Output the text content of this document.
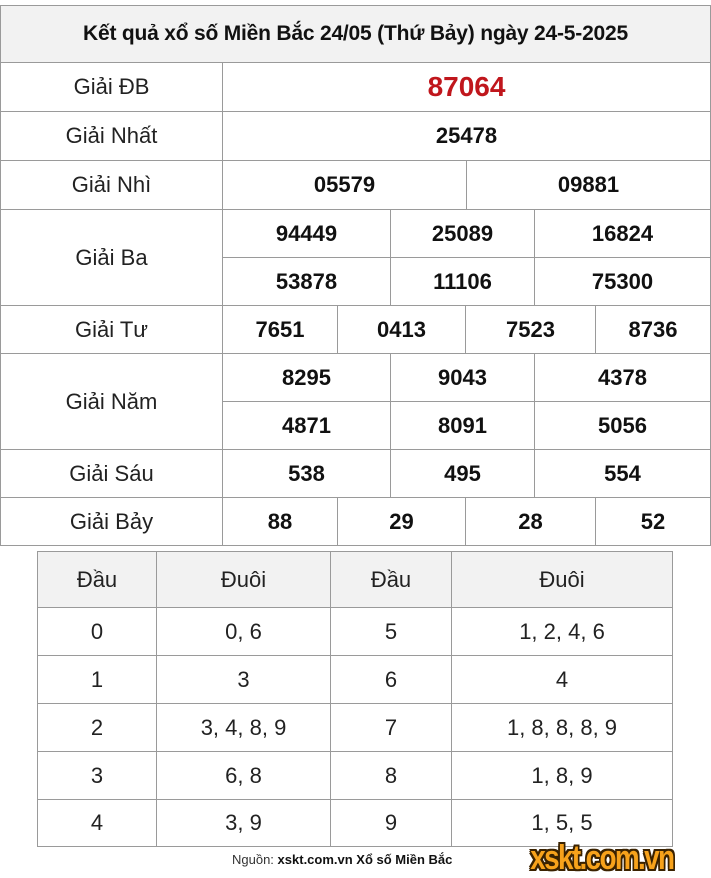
Kết quả xổ số Miền Bắc 24/05 (Thứ Bảy) ngày 24-5-2025
Giải ĐB	87064
Giải Nhất	25478
Giải Nhì	05579	09881
Giải Ba
94449	25089	16824
53878	11106	75300
Giải Tư	7651	0413	7523	8736
Giải Năm
8295	9043	4378
4871	8091	5056
Giải Sáu	538	495	554
Giải Bảy	88	29	28	52
Đầu	Đuôi	Đầu	Đuôi
0	0, 6	5	1, 2, 4, 6
1	3	6	4
2	3, 4, 8, 9	7	1, 8, 8, 8, 9
3	6, 8	8	1, 8, 9
4	3, 9	9	1, 5, 5
Nguồn: xskt.com.vn Xổ số Miền Bắc xskt.com.vn
